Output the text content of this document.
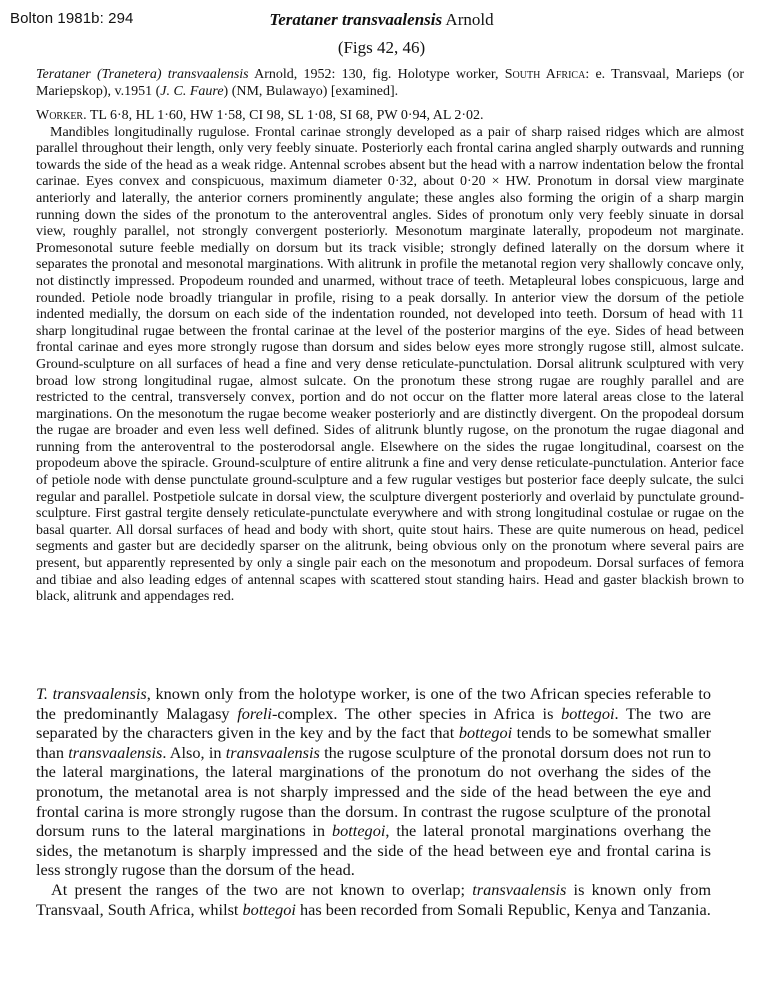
Bolton 1981b: 294	Terataner transvaalensis Arnold
(Figs 42, 46)
Terataner (Tranetera) transvaalensis Arnold, 1952: 130, fig. Holotype worker, South Africa: e. Transvaal, Marieps (or Mariepskop), v.1951 (J. C. Faure) (NM, Bulawayo) [examined].

Worker. TL 6·8, HL 1·60, HW 1·58, CI 98, SL 1·08, SI 68, PW 0·94, AL 2·02.

Mandibles longitudinally rugulose. Frontal carinae strongly developed as a pair of sharp raised ridges which are almost parallel throughout their length, only very feebly sinuate. Posteriorly each frontal carina angled sharply outwards and running towards the side of the head as a weak ridge. Antennal scrobes absent but the head with a narrow indentation below the frontal carinae. Eyes convex and conspicuous, maximum diameter 0·32, about 0·20 × HW. Pronotum in dorsal view marginate anteriorly and laterally, the anterior corners prominently angulate; these angles also forming the origin of a sharp margin running down the sides of the pronotum to the anteroventral angles. Sides of pronotum only very feebly sinuate in dorsal view, roughly parallel, not strongly convergent posteriorly. Mesonotum marginate laterally, propodeum not marginate. Promesonotal suture feeble medially on dorsum but its track visible; strongly defined laterally on the dorsum where it separates the pronotal and mesonotal marginations. With alitrunk in profile the metanotal region very shallowly concave only, not distinctly impressed. Propodeum rounded and unarmed, without trace of teeth. Metapleural lobes conspicuous, large and rounded. Petiole node broadly triangular in profile, rising to a peak dorsally. In anterior view the dorsum of the petiole indented medially, the dorsum on each side of the indentation rounded, not developed into teeth. Dorsum of head with 11 sharp longitudinal rugae between the frontal carinae at the level of the posterior margins of the eye. Sides of head between frontal carinae and eyes more strongly rugose than dorsum and sides below eyes more strongly rugose still, almost sulcate. Ground-sculpture on all surfaces of head a fine and very dense reticulate-punctulation. Dorsal alitrunk sculptured with very broad low strong longitudinal rugae, almost sulcate. On the pronotum these strong rugae are roughly parallel and are restricted to the central, transversely convex, portion and do not occur on the flatter more lateral areas close to the lateral marginations. On the mesonotum the rugae become weaker posteriorly and are distinctly divergent. On the propodeal dorsum the rugae are broader and even less well defined. Sides of alitrunk bluntly rugose, on the pronotum the rugae diagonal and running from the anteroventral to the posterodorsal angle. Elsewhere on the sides the rugae longitudinal, coarsest on the propodeum above the spiracle. Ground-sculpture of entire alitrunk a fine and very dense reticulate-punctulation. Anterior face of petiole node with dense punctulate ground-sculpture and a few rugular vestiges but posterior face deeply sulcate, the sulci regular and parallel. Postpetiole sulcate in dorsal view, the sculpture divergent posteriorly and overlaid by punctulate ground-sculpture. First gastral tergite densely reticulate-punctulate everywhere and with strong longitudinal costulae or rugae on the basal quarter. All dorsal surfaces of head and body with short, quite stout hairs. These are quite numerous on head, pedicel segments and gaster but are decidedly sparser on the alitrunk, being obvious only on the pronotum where several pairs are present, but apparently represented by only a single pair each on the mesonotum and propodeum. Dorsal surfaces of femora and tibiae and also leading edges of antennal scapes with scattered stout standing hairs. Head and gaster blackish brown to black, alitrunk and appendages red.

T. transvaalensis, known only from the holotype worker, is one of the two African species referable to the predominantly Malagasy foreli-complex. The other species in Africa is bottegoi. The two are separated by the characters given in the key and by the fact that bottegoi tends to be somewhat smaller than transvaalensis. Also, in transvaalensis the rugose sculpture of the pronotal dorsum does not run to the lateral marginations, the lateral marginations of the pronotum do not overhang the sides of the pronotum, the metanotal area is not sharply impressed and the side of the head between the eye and frontal carina is more strongly rugose than the dorsum. In contrast the rugose sculpture of the pronotal dorsum runs to the lateral marginations in bottegoi, the lateral pronotal marginations overhang the sides, the metanotum is sharply impressed and the side of the head between eye and frontal carina is less strongly rugose than the dorsum of the head.

At present the ranges of the two are not known to overlap; transvaalensis is known only from Transvaal, South Africa, whilst bottegoi has been recorded from Somali Republic, Kenya and Tanzania.
